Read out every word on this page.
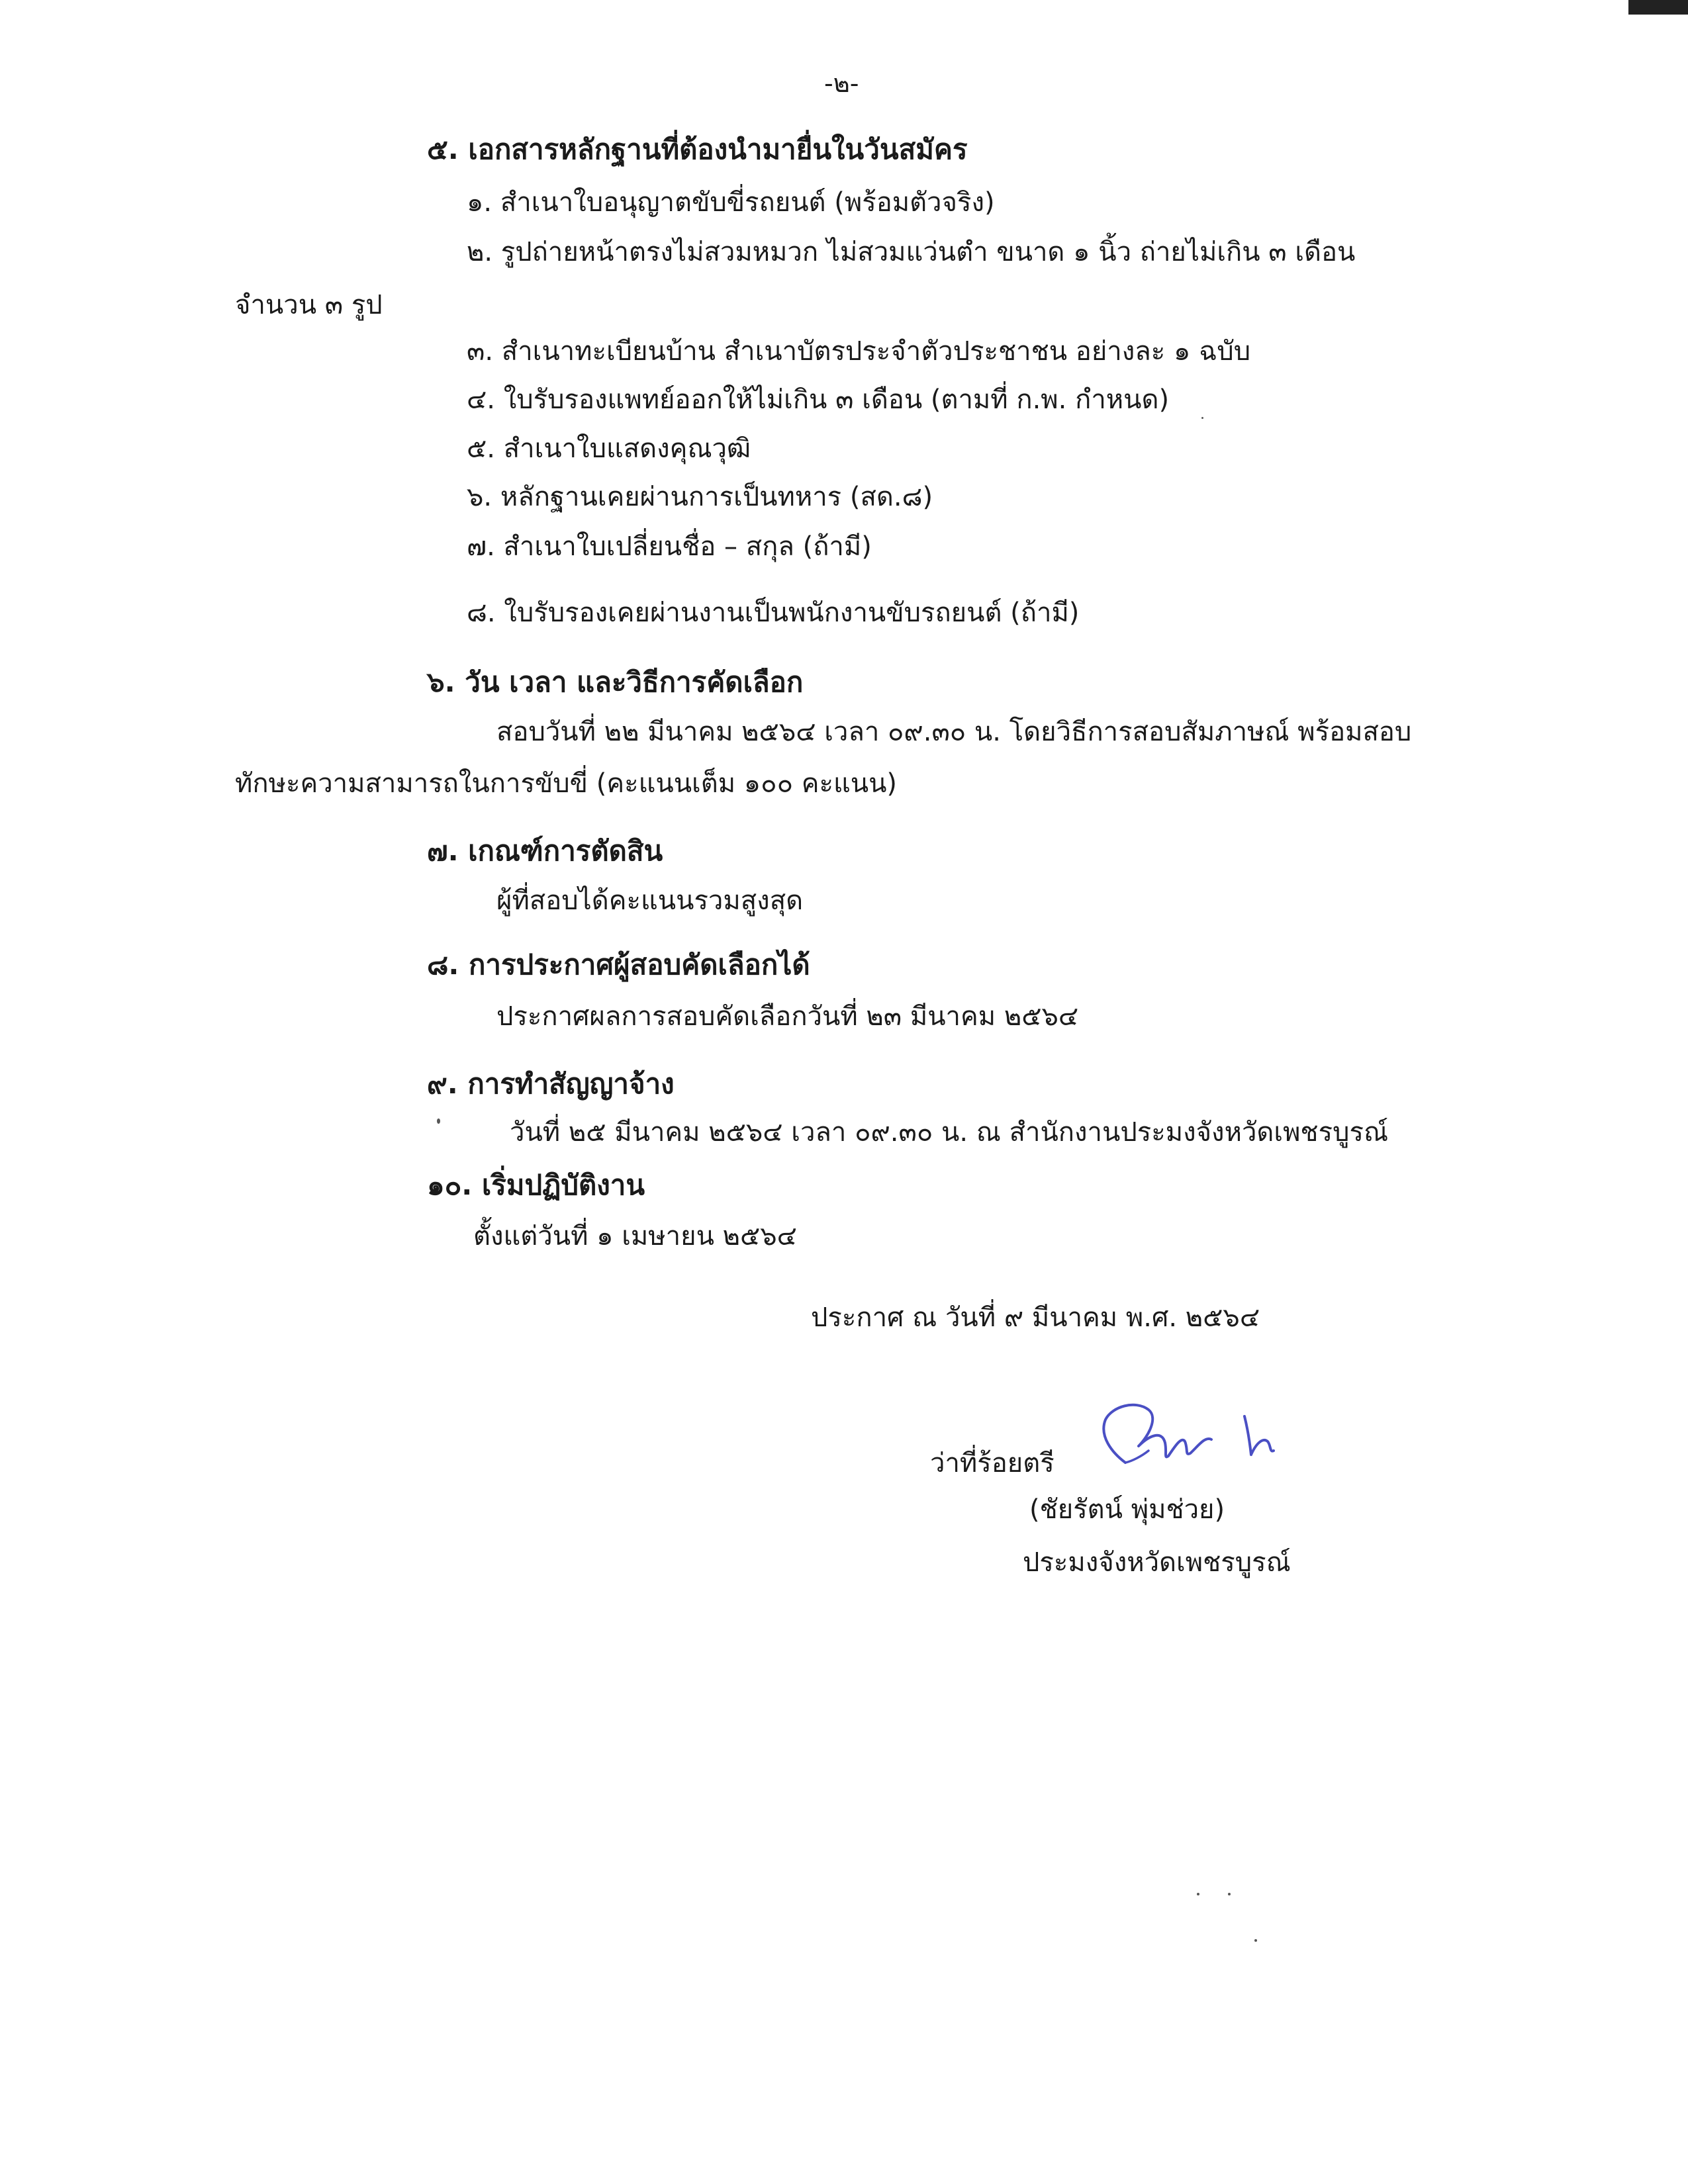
-๒-
๕. เอกสารหลักฐานที่ต้องนำมายื่นในวันสมัคร
๑. สำเนาใบอนุญาตขับขี่รถยนต์ (พร้อมตัวจริง)
๒. รูปถ่ายหน้าตรงไม่สวมหมวก ไม่สวมแว่นตำ ขนาด ๑ นิ้ว ถ่ายไม่เกิน ๓ เดือน
จำนวน ๓ รูป
๓. สำเนาทะเบียนบ้าน สำเนาบัตรประจำตัวประชาชน อย่างละ ๑ ฉบับ
๔. ใบรับรองแพทย์ออกให้ไม่เกิน ๓ เดือน (ตามที่ ก.พ. กำหนด)
๕. สำเนาใบแสดงคุณวุฒิ
๖. หลักฐานเคยผ่านการเป็นทหาร (สด.๘)
๗. สำเนาใบเปลี่ยนชื่อ – สกุล (ถ้ามี)
๘. ใบรับรองเคยผ่านงานเป็นพนักงานขับรถยนต์ (ถ้ามี)
๖. วัน เวลา และวิธีการคัดเลือก
สอบวันที่ ๒๒ มีนาคม ๒๕๖๔ เวลา ๐๙.๓๐ น. โดยวิธีการสอบสัมภาษณ์ พร้อมสอบ
ทักษะความสามารถในการขับขี่ (คะแนนเต็ม ๑๐๐ คะแนน)
๗. เกณฑ์การตัดสิน
ผู้ที่สอบได้คะแนนรวมสูงสุด
๘. การประกาศผู้สอบคัดเลือกได้
ประกาศผลการสอบคัดเลือกวันที่ ๒๓ มีนาคม ๒๕๖๔
๙. การทำสัญญาจ้าง
วันที่ ๒๕ มีนาคม ๒๕๖๔ เวลา ๐๙.๓๐ น. ณ สำนักงานประมงจังหวัดเพชรบูรณ์
๑๐. เริ่มปฏิบัติงาน
ตั้งแต่วันที่ ๑ เมษายน ๒๕๖๔
ประกาศ ณ วันที่ ๙ มีนาคม พ.ศ. ๒๕๖๔
ว่าที่ร้อยตรี
(ชัยรัตน์ พุ่มช่วย)
ประมงจังหวัดเพชรบูรณ์
